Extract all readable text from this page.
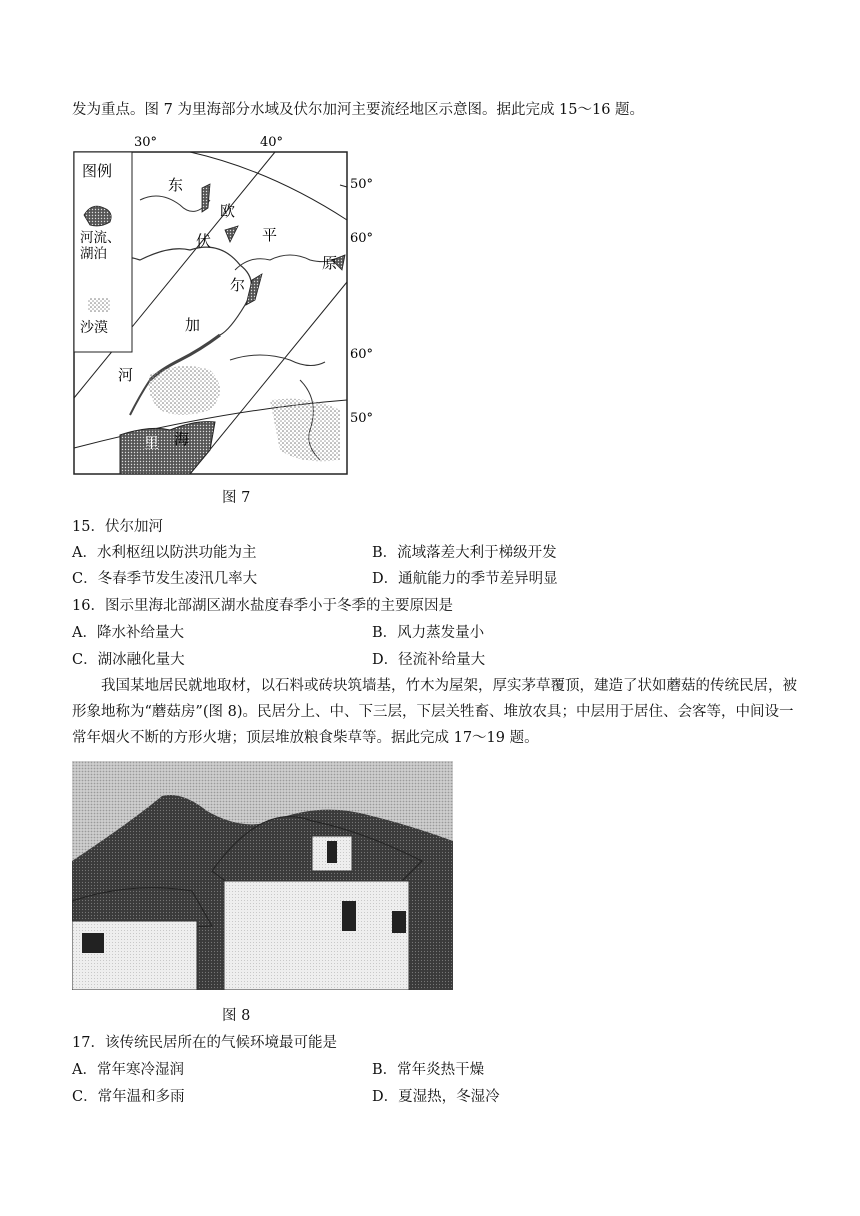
发为重点。图 7 为里海部分水域及伏尔加河主要流经地区示意图。据此完成 15～16 题。
图例
河流、
湖泊
沙漠
30°	40°
50°
60°
60°
50°
东
欧
平
原
伏
尔
加
河
里 海
图 7
15．伏尔加河
A．水利枢纽以防洪功能为主	B．流域落差大利于梯级开发
C．冬春季节发生凌汛几率大	D．通航能力的季节差异明显
16．图示里海北部湖区湖水盐度春季小于冬季的主要原因是
A．降水补给量大	B．风力蒸发量小
C．湖冰融化量大	D．径流补给量大
我国某地居民就地取材，以石料或砖块筑墙基，竹木为屋架，厚实茅草覆顶，建造了状如蘑菇的传统民居，被形象地称为“蘑菇房”(图 8)。民居分上、中、下三层，下层关牲畜、堆放农具；中层用于居住、会客等，中间设一常年烟火不断的方形火塘；顶层堆放粮食柴草等。据此完成 17～19 题。
图 8
17．该传统民居所在的气候环境最可能是
A．常年寒冷湿润	B．常年炎热干燥
C．常年温和多雨	D．夏湿热，冬湿冷
